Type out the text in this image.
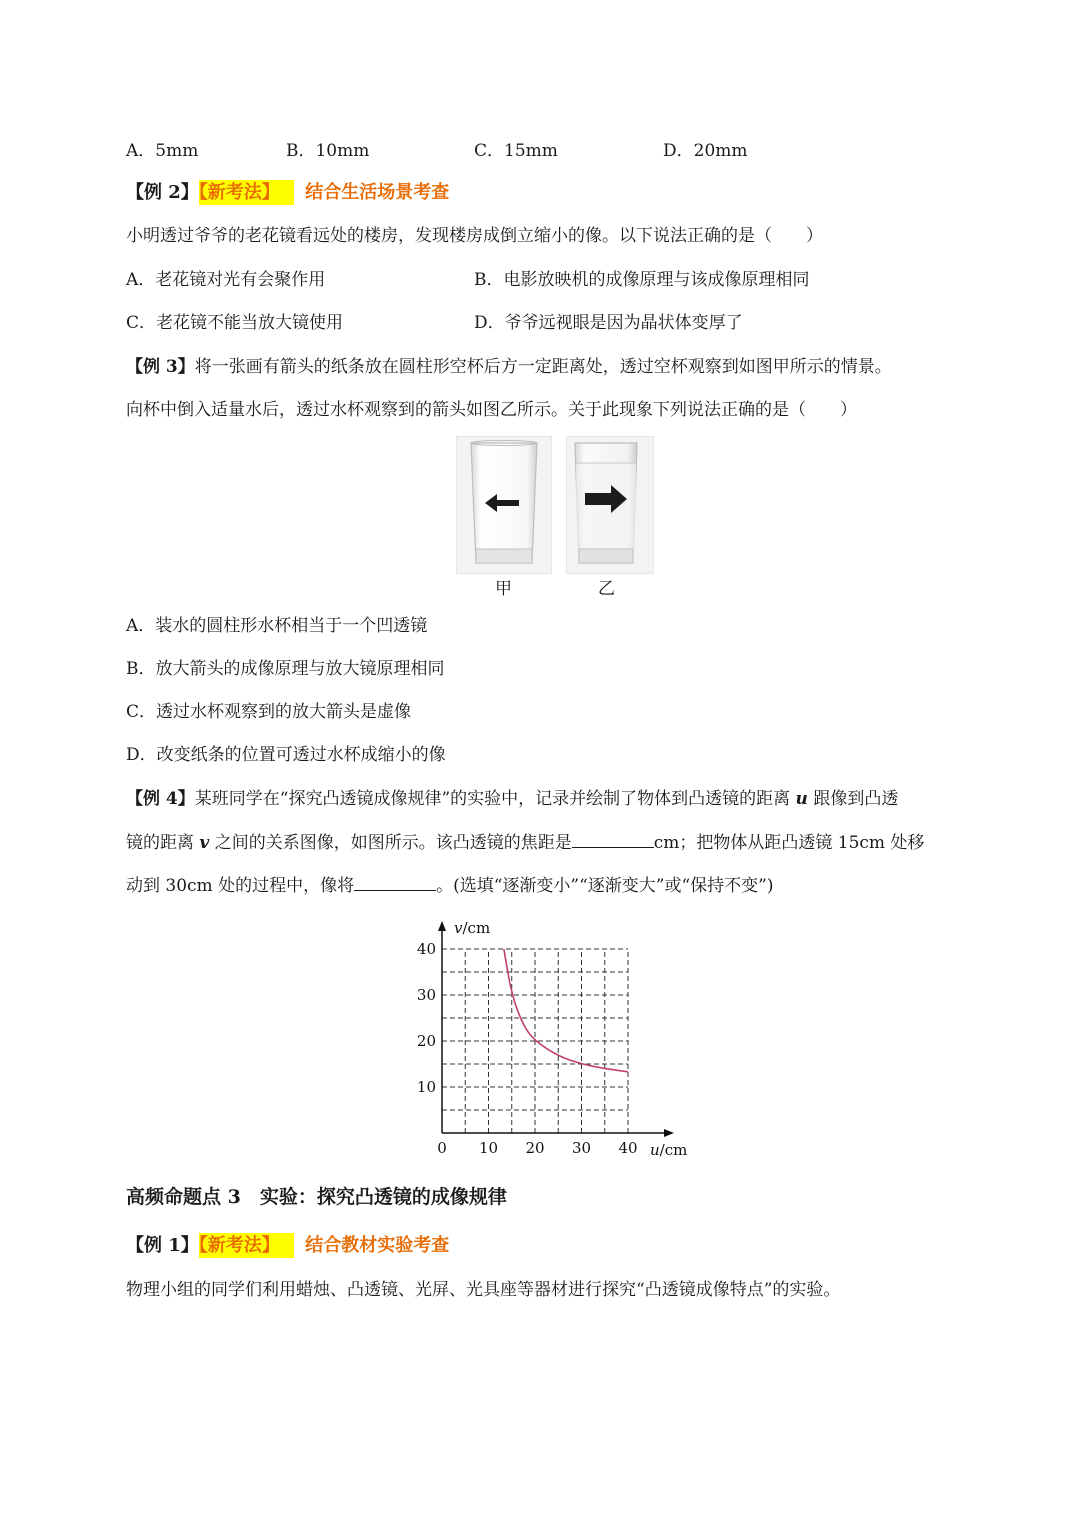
A．5mm	B．10mm	C．15mm	D．20mm
【例 2】【新考法】 结合生活场景考查
小明透过爷爷的老花镜看远处的楼房，发现楼房成倒立缩小的像。以下说法正确的是（　　）
A．老花镜对光有会聚作用	B．电影放映机的成像原理与该成像原理相同
C．老花镜不能当放大镜使用	D．爷爷远视眼是因为晶状体变厚了
【例 3】将一张画有箭头的纸条放在圆柱形空杯后方一定距离处，透过空杯观察到如图甲所示的情景。
向杯中倒入适量水后，透过水杯观察到的箭头如图乙所示。关于此现象下列说法正确的是（　　）
甲	乙
A．装水的圆柱形水杯相当于一个凹透镜
B．放大箭头的成像原理与放大镜原理相同
C．透过水杯观察到的放大箭头是虚像
D．改变纸条的位置可透过水杯成缩小的像
【例 4】某班同学在“探究凸透镜成像规律”的实验中，记录并绘制了物体到凸透镜的距离 u 跟像到凸透
镜的距离 v 之间的关系图像，如图所示。该凸透镜的焦距是	cm；把物体从距凸透镜 15cm 处移
动到 30cm 处的过程中，像将	。(选填“逐渐变小”“逐渐变大”或“保持不变”)
0 10 20 30 40
10
20
30
40
v/cm
u/cm
高频命题点 3　实验：探究凸透镜的成像规律
【例 1】【新考法】 结合教材实验考查
物理小组的同学们利用蜡烛、凸透镜、光屏、光具座等器材进行探究“凸透镜成像特点”的实验。
